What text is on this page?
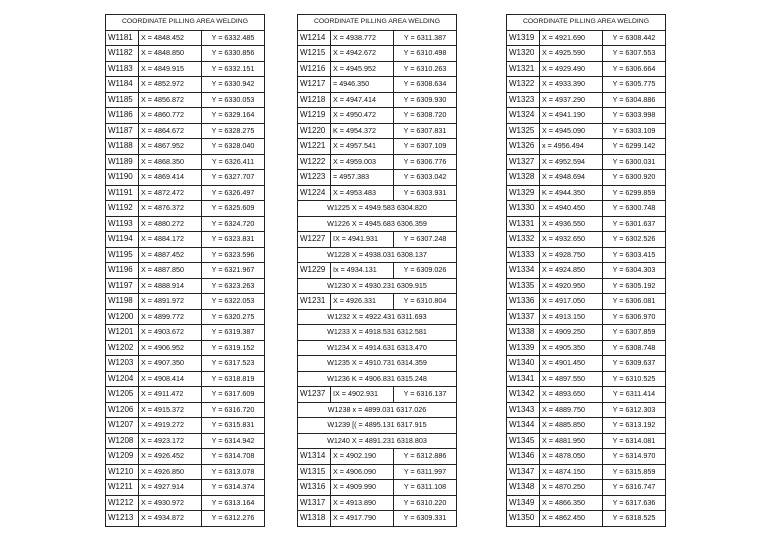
COORDINATE PILLING AREA WELDING		
W1181	X = 4848.452	Y = 6332.485
W1182	X = 4848.850	Y = 6330.856
W1183	X = 4849.915	Y = 6332.151
W1184	X = 4852.972	Y = 6330.942
W1185	X = 4856.872	Y = 6330.053
W1186	X = 4860.772	Y = 6329.164
W1187	X = 4864.672	Y = 6328.275
W1188	X = 4867.952	Y = 6328.040
W1189	X = 4868.350	Y = 6326.411
W1190	X = 4869.414	Y = 6327.707
W1191	X = 4872.472	Y = 6326.497
W1192	X = 4876.372	Y = 6325.609
W1193	X = 4880.272	Y = 6324.720
W1194	X = 4884.172	Y = 6323.831
W1195	X = 4887.452	Y = 6323.596
W1196	X = 4887.850	Y = 6321.967
W1197	X = 4888.914	Y = 6323.263
W1198	X = 4891.972	Y = 6322.053
W1200	X = 4899.772	Y = 6320.275
W1201	X = 4903.672	Y = 6319.387
W1202	X = 4906.952	Y = 6319.152
W1203	X = 4907.350	Y = 6317.523
W1204	X = 4908.414	Y = 6318.819
W1205	X = 4911.472	Y = 6317.609
W1206	X = 4915.372	Y = 6316.720
W1207	X = 4919.272	Y = 6315.831
W1208	X = 4923.172	Y = 6314.942
W1209	X = 4926.452	Y = 6314.708
W1210	X = 4926.850	Y = 6313.078
W1211	X = 4927.914	Y = 6314.374
W1212	X = 4930.972	Y = 6313.164
W1213	X = 4934.872	Y = 6312.276
COORDINATE PILLING AREA WELDING		
W1214	X = 4938.772	Y = 6311.387
W1215	X = 4942.672	Y = 6310.498
W1216	X = 4945.952	Y = 6310.263
W1217	= 4946.350	Y = 6308.634
W1218	X = 4947.414	Y = 6309.930
W1219	X = 4950.472	Y = 6308.720
W1220	K = 4954.372	Y = 6307.831
W1221	X = 4957.541	Y = 6307.109
W1222	X = 4959.003	Y = 6306.776
W1223	= 4957.383	Y = 6303.042
W1224	X = 4953.483	Y = 6303.931
W1225 X = 4949.583 6304.820		
W1226 X = 4945.683 6306.359		
W1227	IX = 4941.931	Y = 6307.248
W1228 X = 4938.031 6308.137		
W1229	Ix = 4934.131	Y = 6309.026
W1230 X = 4930.231 6309.915		
W1231	X = 4926.331	Y = 6310.804
W1232 X = 4922.431 6311.693		
W1233 X = 4918.531 6312.581		
W1234 X = 4914.631 6313.470		
W1235 X = 4910.731 6314.359		
W1236 K = 4906.831 6315.248		
W1237	IX = 4902.931	Y = 6316.137
W1238 x = 4899.031 6317.026		
W1239 [( = 4895.131 6317.915		
W1240 X = 4891.231 6318.803		
W1314	X = 4902.190	Y = 6312.886
W1315	X = 4906.090	Y = 6311.997
W1316	X = 4909.990	Y = 6311.108
W1317	X = 4913.890	Y = 6310.220
W1318	X = 4917.790	Y = 6309.331
COORDINATE PILLING AREA WELDING		
W1319	X = 4921.690	Y = 6308.442
W1320	X = 4925.590	Y = 6307.553
W1321	X = 4929.490	Y = 6306.664
W1322	X = 4933.390	Y = 6305.775
W1323	X = 4937.290	Y = 6304.886
W1324	X = 4941.190	Y = 6303.998
W1325	X = 4945.090	Y = 6303.109
W1326	x = 4956.494	Y = 6299.142
W1327	X = 4952.594	Y = 6300.031
W1328	X = 4948.694	Y = 6300.920
W1329	K = 4944.350	Y = 6299.859
W1330	X = 4940.450	Y = 6300.748
W1331	X = 4936.550	Y = 6301.637
W1332	X = 4932.650	Y = 6302.526
W1333	X = 4928.750	Y = 6303.415
W1334	X = 4924.850	Y = 6304.303
W1335	X = 4920.950	Y = 6305.192
W1336	X = 4917.050	Y = 6306.081
W1337	X = 4913.150	Y = 6306.970
W1338	X = 4909.250	Y = 6307.859
W1339	X = 4905.350	Y = 6308.748
W1340	X = 4901.450	Y = 6309.637
W1341	X = 4897.550	Y = 6310.525
W1342	X = 4893.650	Y = 6311.414
W1343	X = 4889.750	Y = 6312.303
W1344	X = 4885.850	Y = 6313.192
W1345	X = 4881.950	Y = 6314.081
W1346	X = 4878.050	Y = 6314.970
W1347	X = 4874.150	Y = 6315.859
W1348	X = 4870.250	Y = 6316.747
W1349	X = 4866.350	Y = 6317.636
W1350	X = 4862.450	Y = 6318.525
